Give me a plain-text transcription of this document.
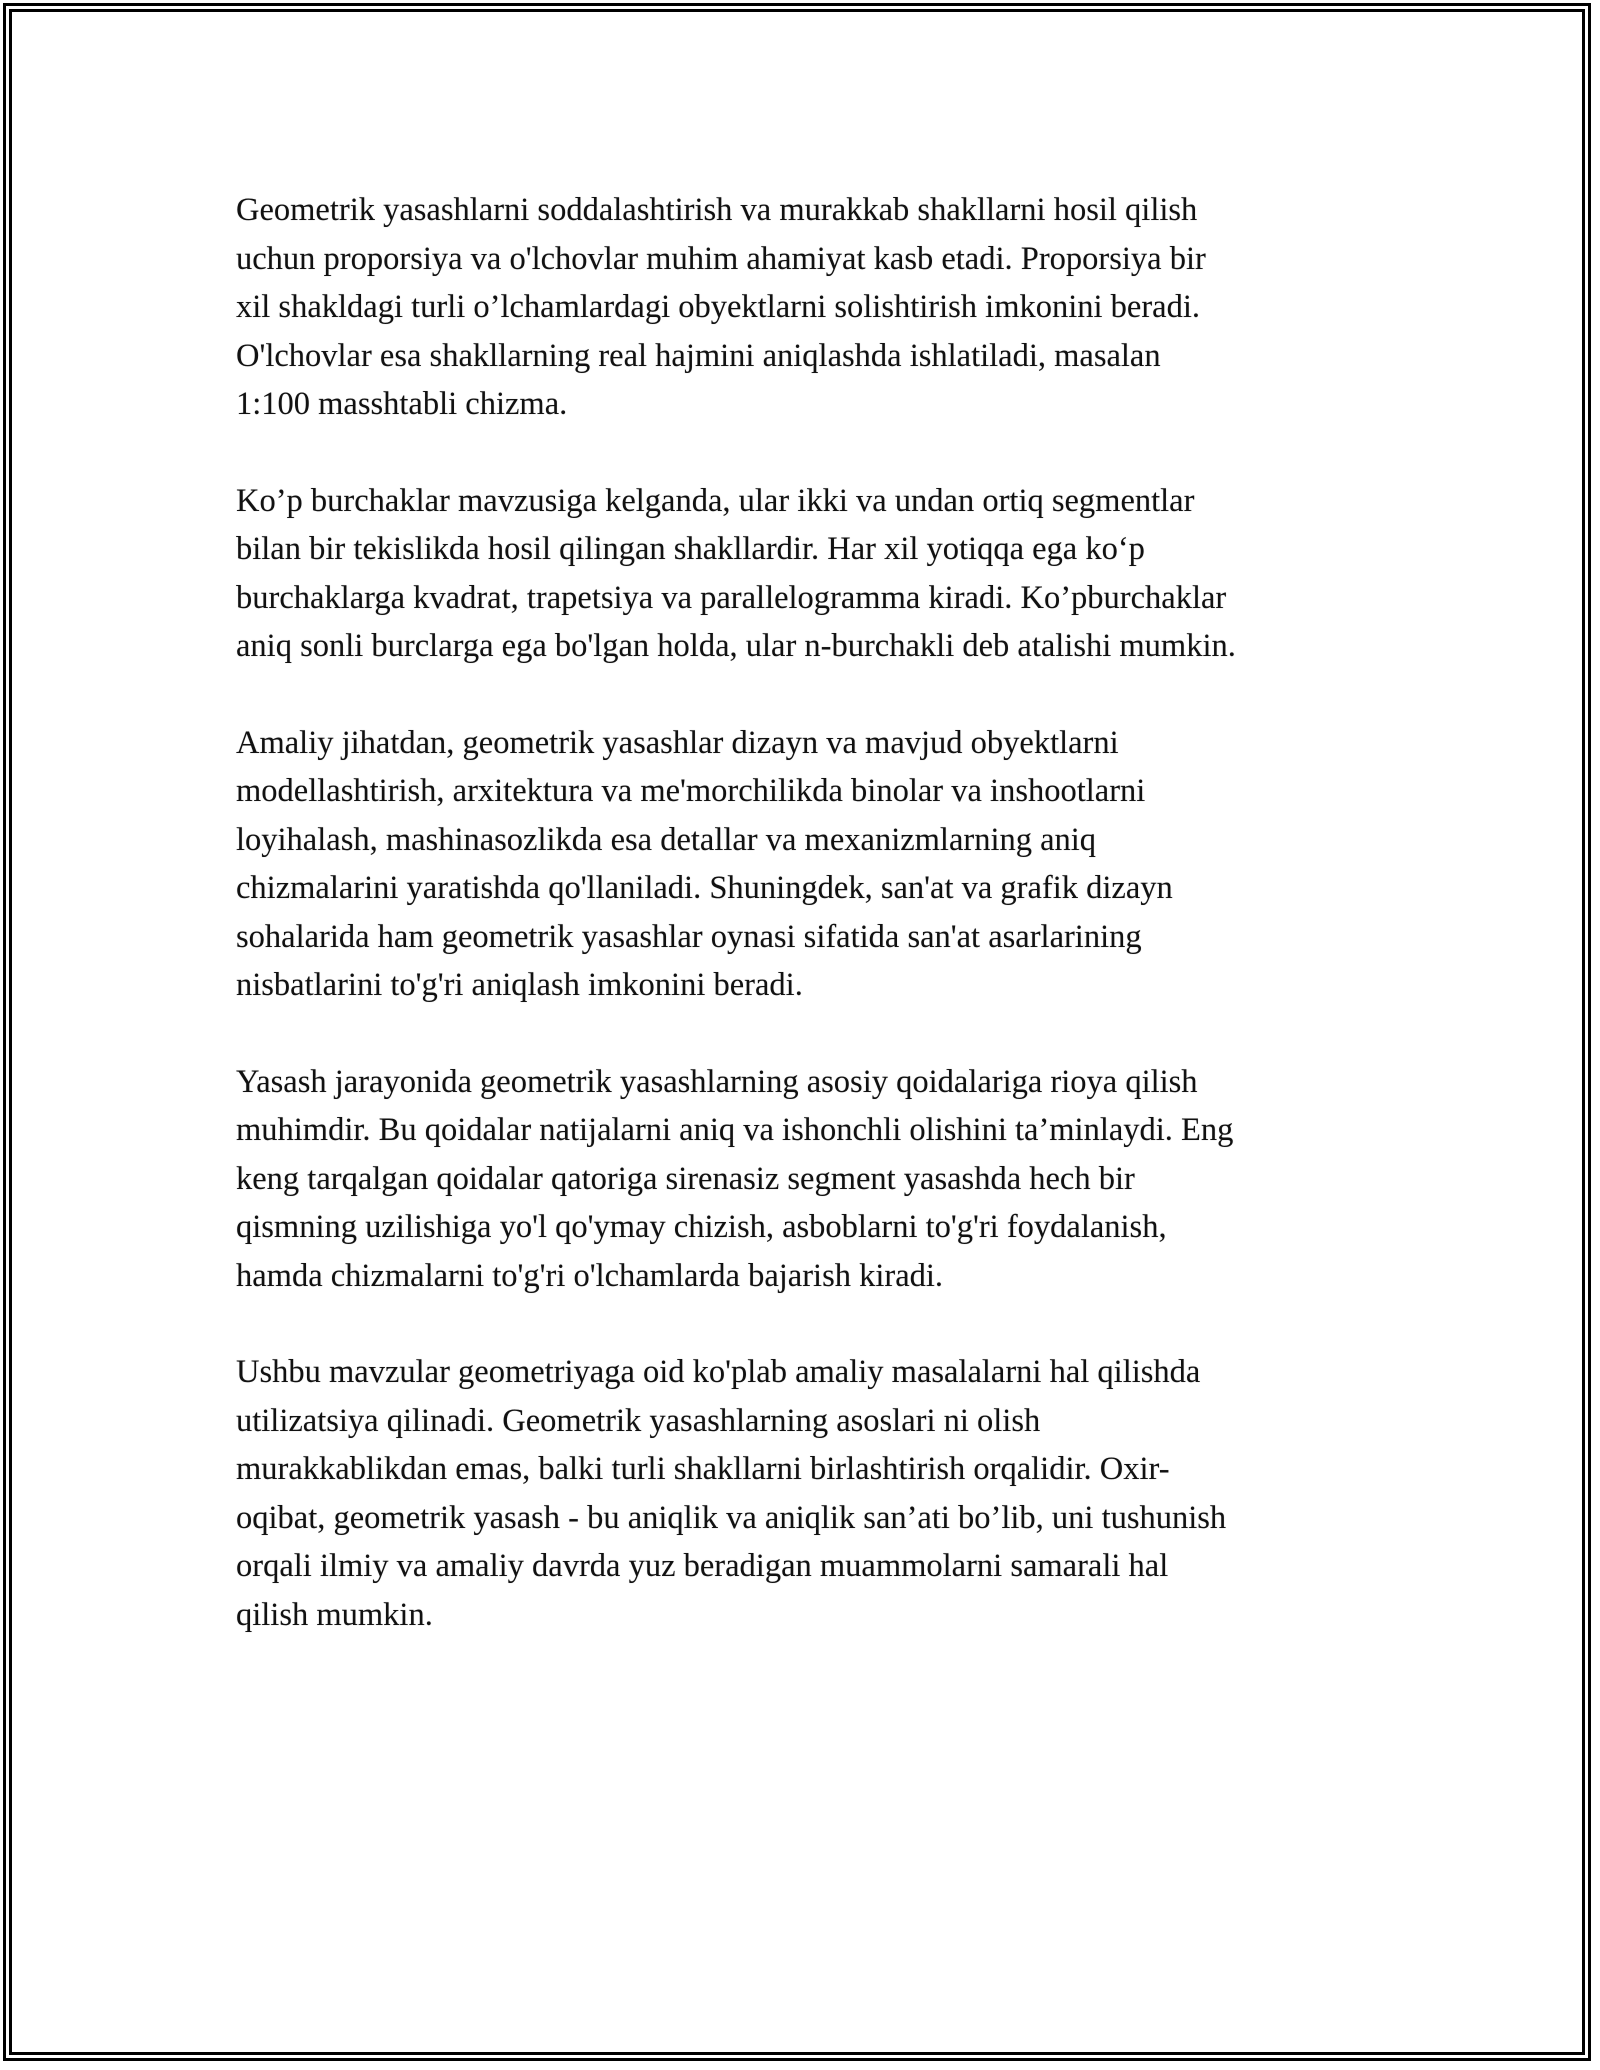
Geometrik yasashlarni soddalashtirish va murakkab shakllarni hosil qilish
uchun proporsiya va o'lchovlar muhim ahamiyat kasb etadi. Proporsiya bir
xil shakldagi turli o’lchamlardagi obyektlarni solishtirish imkonini beradi.
O'lchovlar esa shakllarning real hajmini aniqlashda ishlatiladi, masalan
1:100 masshtabli chizma.

Ko’p burchaklar mavzusiga kelganda, ular ikki va undan ortiq segmentlar
bilan bir tekislikda hosil qilingan shakllardir. Har xil yotiqqa ega ko‘p
burchaklarga kvadrat, trapetsiya va parallelogramma kiradi. Ko’pburchaklar
aniq sonli burclarga ega bo'lgan holda, ular n-burchakli deb atalishi mumkin.

Amaliy jihatdan, geometrik yasashlar dizayn va mavjud obyektlarni
modellashtirish, arxitektura va me'morchilikda binolar va inshootlarni
loyihalash, mashinasozlikda esa detallar va mexanizmlarning aniq
chizmalarini yaratishda qo'llaniladi. Shuningdek, san'at va grafik dizayn
sohalarida ham geometrik yasashlar oynasi sifatida san'at asarlarining
nisbatlarini to'g'ri aniqlash imkonini beradi.

Yasash jarayonida geometrik yasashlarning asosiy qoidalariga rioya qilish
muhimdir. Bu qoidalar natijalarni aniq va ishonchli olishini ta’minlaydi. Eng
keng tarqalgan qoidalar qatoriga sirenasiz segment yasashda hech bir
qismning uzilishiga yo'l qo'ymay chizish, asboblarni to'g'ri foydalanish,
hamda chizmalarni to'g'ri o'lchamlarda bajarish kiradi.

Ushbu mavzular geometriyaga oid ko'plab amaliy masalalarni hal qilishda
utilizatsiya qilinadi. Geometrik yasashlarning asoslari ni olish
murakkablikdan emas, balki turli shakllarni birlashtirish orqalidir. Oxir-
oqibat, geometrik yasash - bu aniqlik va aniqlik san’ati bo’lib, uni tushunish
orqali ilmiy va amaliy davrda yuz beradigan muammolarni samarali hal
qilish mumkin.
